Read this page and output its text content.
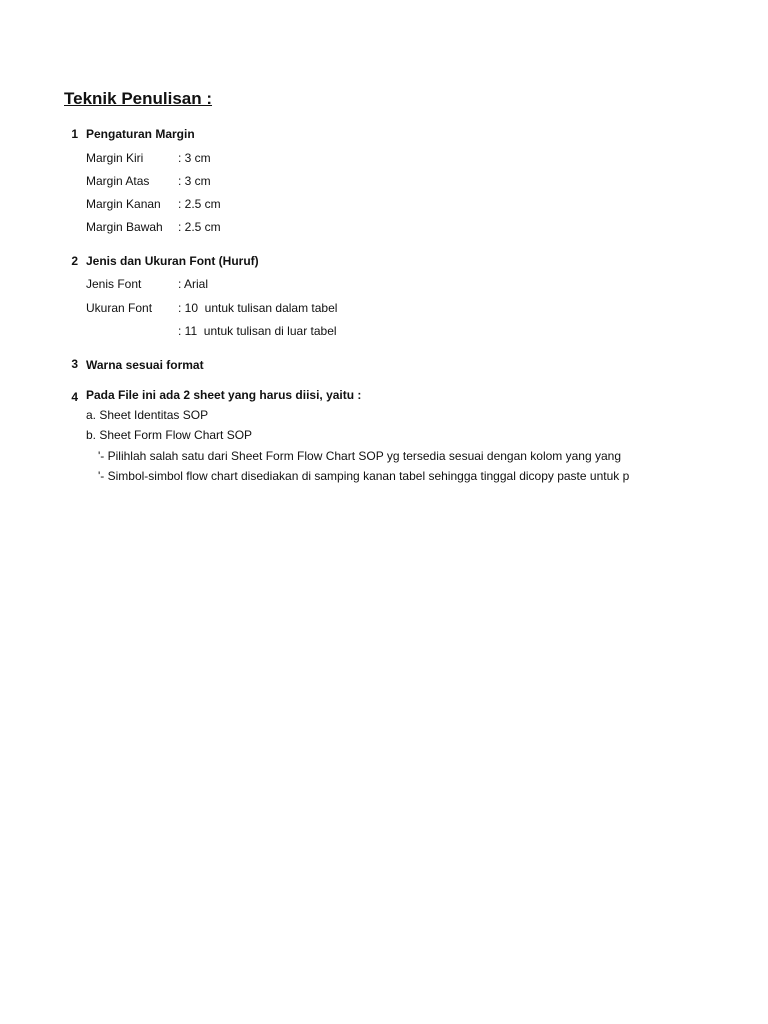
Teknik Penulisan :
1 Pengaturan Margin
Margin Kiri	: 3 cm
Margin Atas : 3 cm
Margin Kanan : 2.5 cm
Margin Bawah : 2.5 cm
2 Jenis dan Ukuran Font (Huruf)
Jenis Font	: Arial
Ukuran Font : 10  untuk tulisan dalam tabel
: 11  untuk tulisan di luar tabel
3 Warna sesuai format
4 Pada File ini ada 2 sheet yang harus diisi, yaitu :
a. Sheet Identitas SOP
b. Sheet Form Flow Chart SOP
'- Pilihlah salah satu dari Sheet Form Flow Chart SOP yg tersedia sesuai dengan kolom yang yang
'- Simbol-simbol flow chart disediakan di samping kanan tabel sehingga tinggal dicopy paste untuk p
